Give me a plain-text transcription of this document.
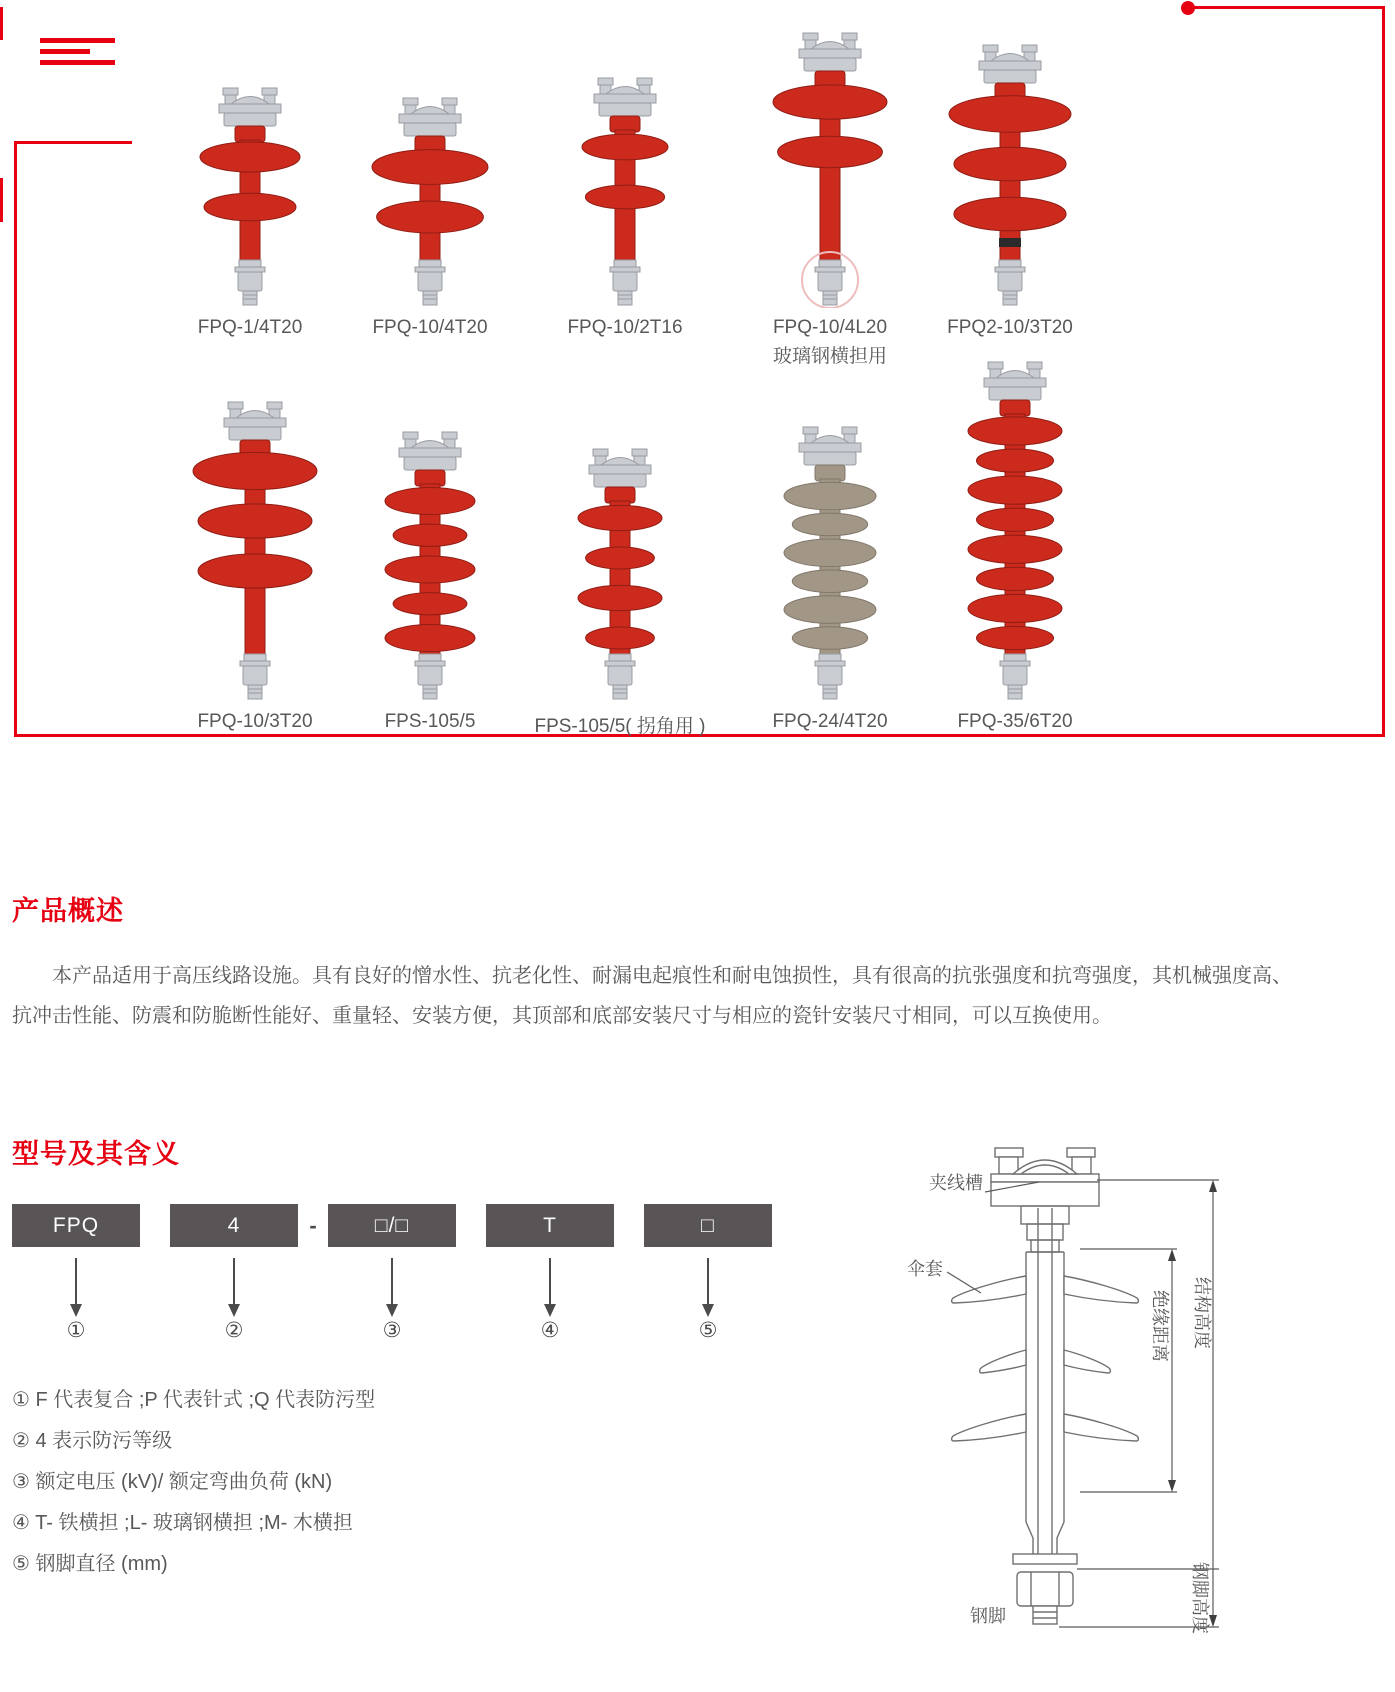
FPQ-1/4T20	FPQ-10/4T20	FPQ-10/2T16	FPQ-10/4L20
玻璃钢横担用
FPQ2-10/3T20
FPQ-10/3T20	FPS-105/5	FPS-105/5( 拐角用 )	FPQ-24/4T20	FPQ-35/6T20
产品概述
本产品适用于高压线路设施。具有良好的憎水性、抗老化性、耐漏电起痕性和耐电蚀损性，具有很高的抗张强度和抗弯强度，其机械强度高、
抗冲击性能、防震和防脆断性能好、重量轻、安装方便，其顶部和底部安装尺寸与相应的瓷针安装尺寸相同，可以互换使用。
型号及其含义
FPQ
①
4
②
□/□
③
T
④
□
⑤
-
① F 代表复合 ;P 代表针式 ;Q 代表防污型
② 4 表示防污等级
③ 额定电压 (kV)/ 额定弯曲负荷 (kN)
④ T- 铁横担 ;L- 玻璃钢横担 ;M- 木横担
⑤ 钢脚直径 (mm)
夹线槽
伞套
绝缘距离 结构高度
钢脚高度
钢脚
